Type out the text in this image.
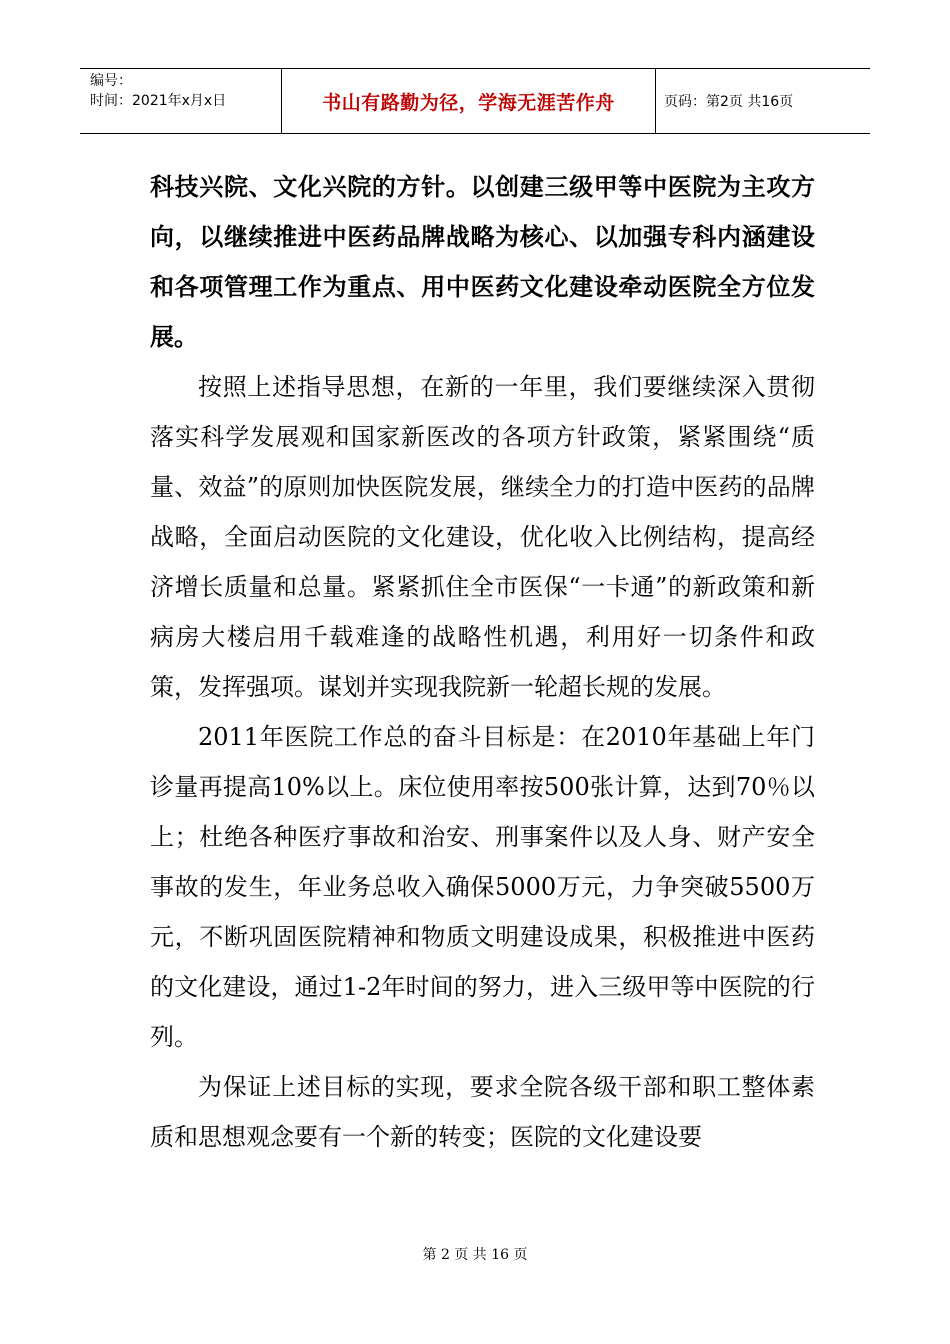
编号：
时间：2021年x月x日	书山有路勤为径，学海无涯苦作舟	页码：第2页 共16页

科技兴院、文化兴院的方针。以创建三级甲等中医院为主攻方向，以继续推进中医药品牌战略为核心、以加强专科内涵建设和各项管理工作为重点、用中医药文化建设牵动医院全方位发展。

按照上述指导思想，在新的一年里，我们要继续深入贯彻落实科学发展观和国家新医改的各项方针政策，紧紧围绕“质量、效益”的原则加快医院发展，继续全力的打造中医药的品牌战略，全面启动医院的文化建设，优化收入比例结构，提高经济增长质量和总量。紧紧抓住全市医保“一卡通”的新政策和新病房大楼启用千载难逢的战略性机遇，利用好一切条件和政策，发挥强项。谋划并实现我院新一轮超长规的发展。

2011年医院工作总的奋斗目标是：在2010年基础上年门诊量再提高10%以上。床位使用率按500张计算，达到70％以上；杜绝各种医疗事故和治安、刑事案件以及人身、财产安全事故的发生，年业务总收入确保5000万元，力争突破5500万元，不断巩固医院精神和物质文明建设成果，积极推进中医药的文化建设，通过1-2年时间的努力，进入三级甲等中医院的行列。

为保证上述目标的实现，要求全院各级干部和职工整体素质和思想观念要有一个新的转变；医院的文化建设要

第 2 页 共 16 页
